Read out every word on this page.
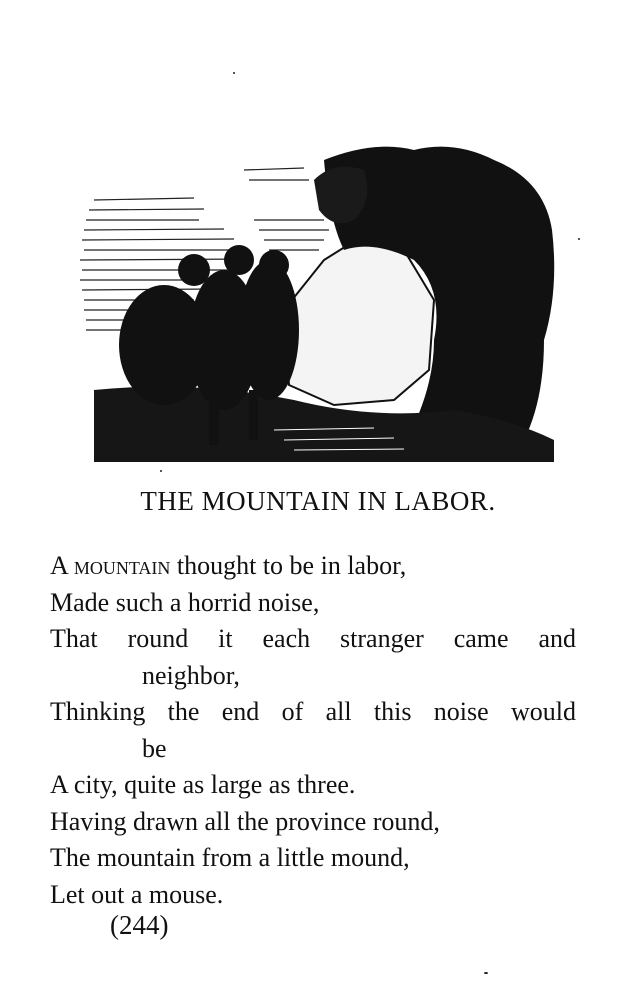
THE MOUNTAIN IN LABOR.
A mountain thought to be in labor,
Made such a horrid noise,
That round it each stranger came and
neighbor,
Thinking the end of all this noise would
be
A city, quite as large as three.
Having drawn all the province round,
The mountain from a little mound,
Let out a mouse.
(244)
